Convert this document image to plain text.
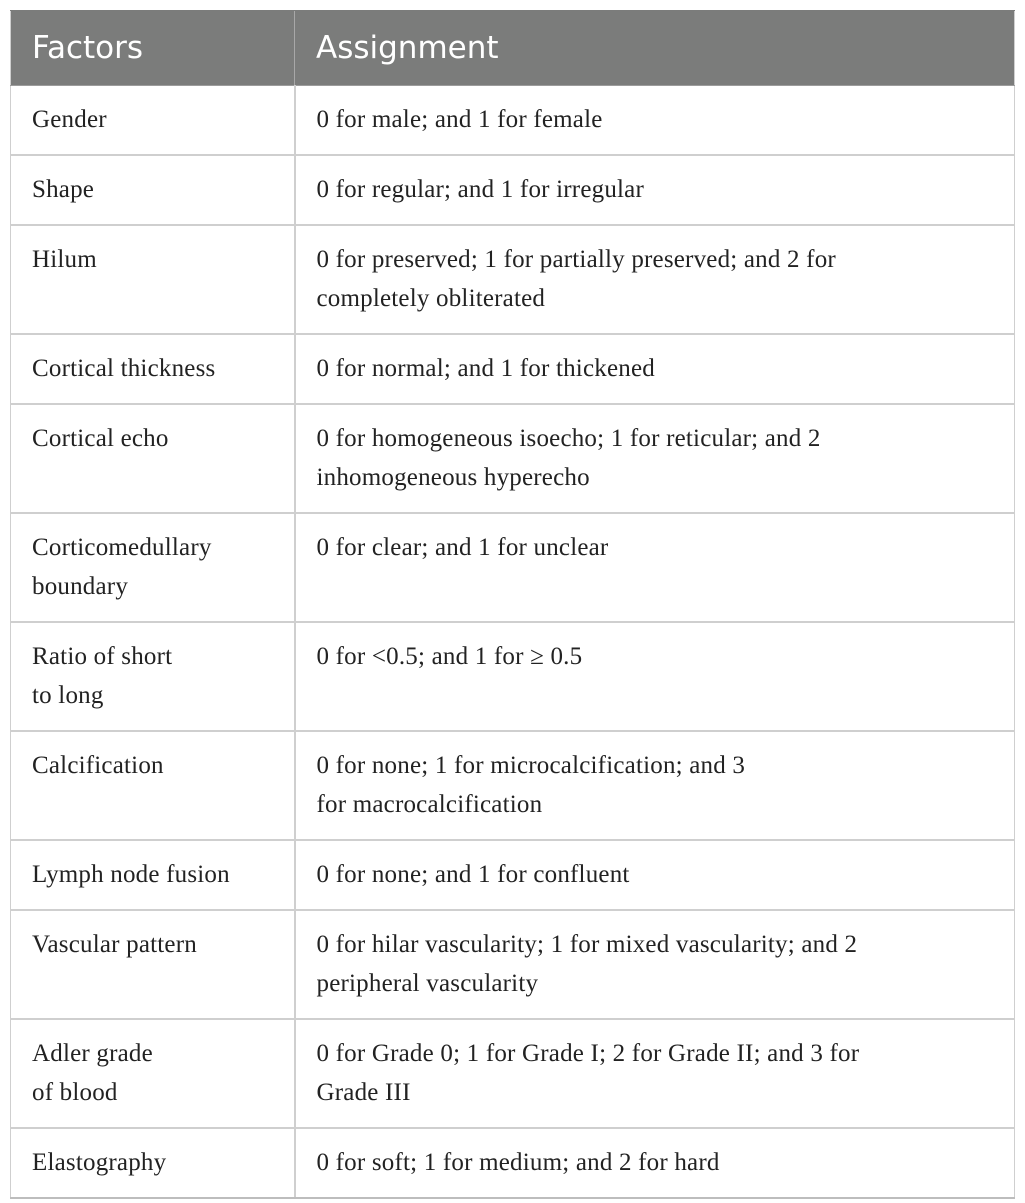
Factors	Assignment
Gender	0 for male; and 1 for female
Shape	0 for regular; and 1 for irregular
Hilum	0 for preserved; 1 for partially preserved; and 2 for
completely obliterated
Cortical thickness	0 for normal; and 1 for thickened
Cortical echo	0 for homogeneous isoecho; 1 for reticular; and 2
inhomogeneous hyperecho
Corticomedullary
boundary	0 for clear; and 1 for unclear
Ratio of short
to long	0 for <0.5; and 1 for ≥ 0.5
Calcification	0 for none; 1 for microcalcification; and 3
for macrocalcification
Lymph node fusion	0 for none; and 1 for confluent
Vascular pattern	0 for hilar vascularity; 1 for mixed vascularity; and 2
peripheral vascularity
Adler grade
of blood	0 for Grade 0; 1 for Grade I; 2 for Grade II; and 3 for
Grade III
Elastography	0 for soft; 1 for medium; and 2 for hard
